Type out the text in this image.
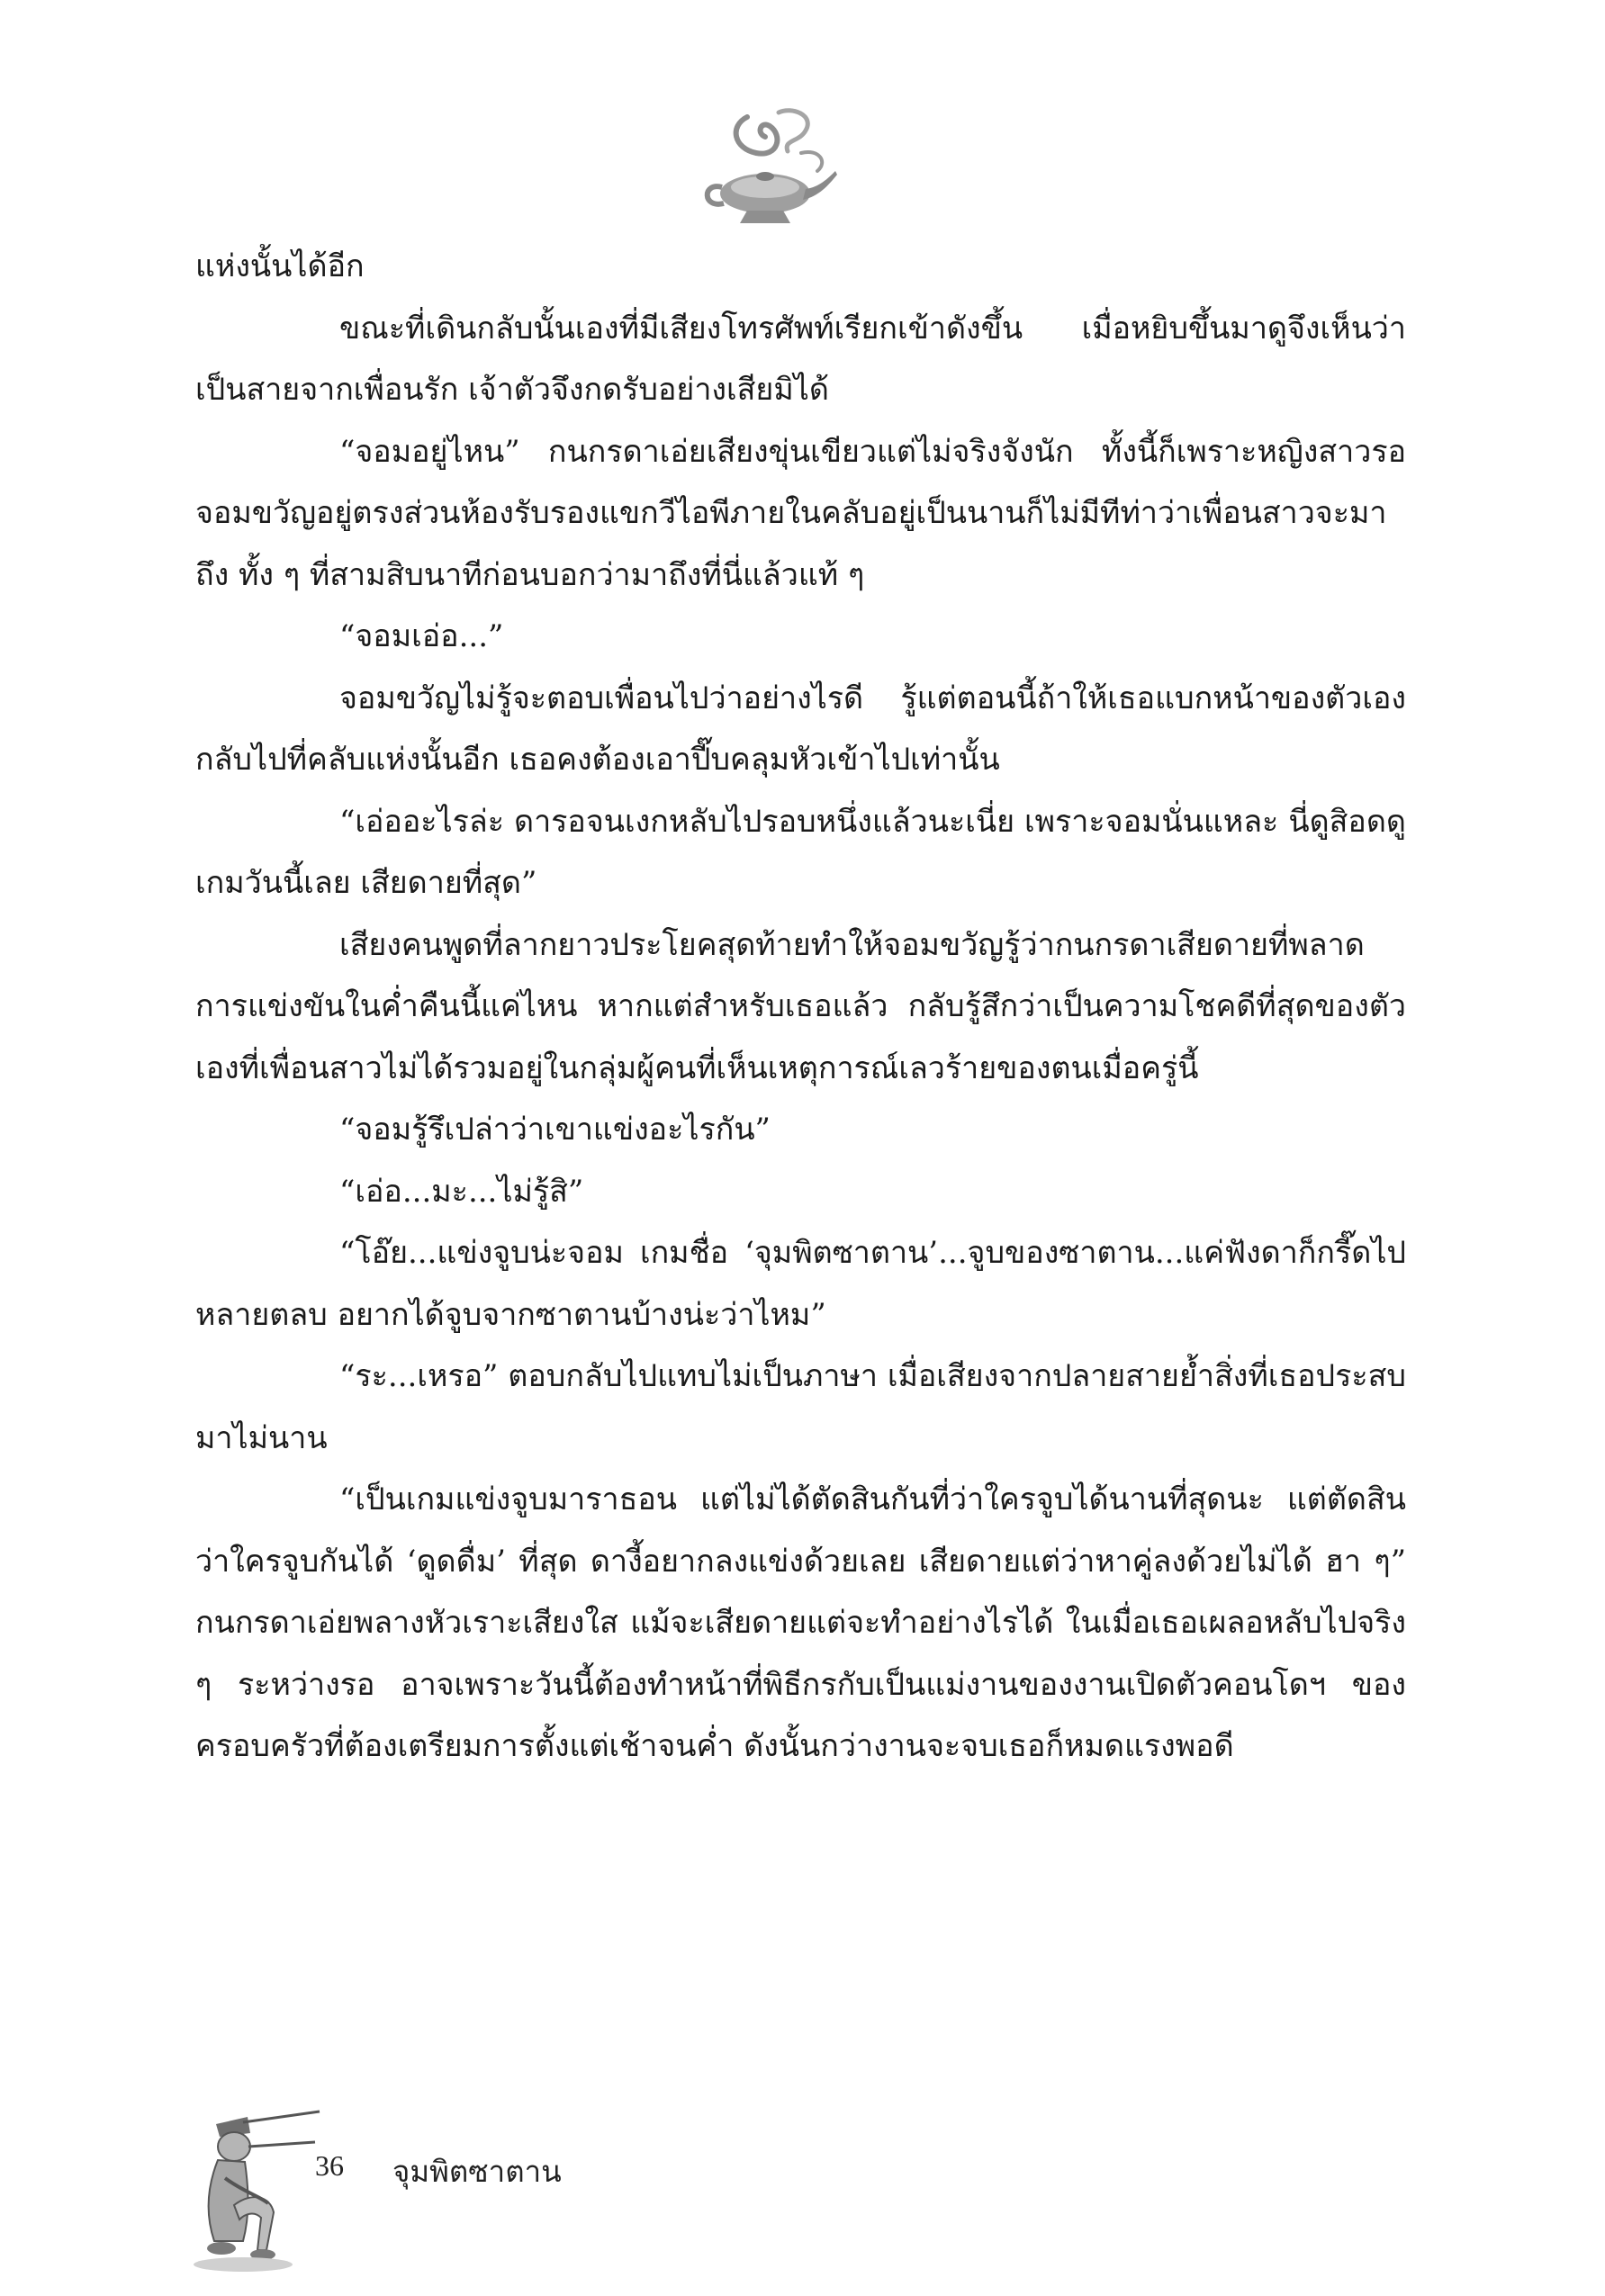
แห่งนั้นได้อีก

ขณะที่เดินกลับนั้นเองที่มีเสียงโทรศัพท์เรียกเข้าดังขึ้น เมื่อหยิบขึ้นมาดูจึงเห็นว่าเป็นสายจากเพื่อนรัก เจ้าตัวจึงกดรับอย่างเสียมิได้

“จอมอยู่ไหน” กนกรดาเอ่ยเสียงขุ่นเขียวแต่ไม่จริงจังนัก ทั้งนี้ก็เพราะหญิงสาวรอจอมขวัญอยู่ตรงส่วนห้องรับรองแขกวีไอพีภายในคลับอยู่เป็นนานก็ไม่มีทีท่าว่าเพื่อนสาวจะมาถึง ทั้ง ๆ ที่สามสิบนาทีก่อนบอกว่ามาถึงที่นี่แล้วแท้ ๆ

“จอมเอ่อ...”

จอมขวัญไม่รู้จะตอบเพื่อนไปว่าอย่างไรดี รู้แต่ตอนนี้ถ้าให้เธอแบกหน้าของตัวเองกลับไปที่คลับแห่งนั้นอีก เธอคงต้องเอาปี๊บคลุมหัวเข้าไปเท่านั้น

“เอ่ออะไรล่ะ ดารอจนเงกหลับไปรอบหนึ่งแล้วนะเนี่ย เพราะจอมนั่นแหละ นี่ดูสิอดดูเกมวันนี้เลย เสียดายที่สุด”

เสียงคนพูดที่ลากยาวประโยคสุดท้ายทำให้จอมขวัญรู้ว่ากนกรดาเสียดายที่พลาดการแข่งขันในค่ำคืนนี้แค่ไหน หากแต่สำหรับเธอแล้ว กลับรู้สึกว่าเป็นความโชคดีที่สุดของตัวเองที่เพื่อนสาวไม่ได้รวมอยู่ในกลุ่มผู้คนที่เห็นเหตุการณ์เลวร้ายของตนเมื่อครู่นี้

“จอมรู้รึเปล่าว่าเขาแข่งอะไรกัน”

“เอ่อ...มะ...ไม่รู้สิ”

“โอ๊ย...แข่งจูบน่ะจอม เกมชื่อ ‘จุมพิตซาตาน’...จูบของซาตาน...แค่ฟังดาก็กรี๊ดไปหลายตลบ อยากได้จูบจากซาตานบ้างน่ะว่าไหม”

“ระ...เหรอ” ตอบกลับไปแทบไม่เป็นภาษา เมื่อเสียงจากปลายสายย้ำสิ่งที่เธอประสบมาไม่นาน

“เป็นเกมแข่งจูบมาราธอน แต่ไม่ได้ตัดสินกันที่ว่าใครจูบได้นานที่สุดนะ แต่ตัดสินว่าใครจูบกันได้ ‘ดูดดื่ม’ ที่สุด ดางี้อยากลงแข่งด้วยเลย เสียดายแต่ว่าหาคู่ลงด้วยไม่ได้ ฮา ๆ” กนกรดาเอ่ยพลางหัวเราะเสียงใส แม้จะเสียดายแต่จะทำอย่างไรได้ ในเมื่อเธอเผลอหลับไปจริง ๆ ระหว่างรอ อาจเพราะวันนี้ต้องทำหน้าที่พิธีกรกับเป็นแม่งานของงานเปิดตัวคอนโดฯ ของครอบครัวที่ต้องเตรียมการตั้งแต่เช้าจนค่ำ ดังนั้นกว่างานจะจบเธอก็หมดแรงพอดี

36 จุมพิตซาตาน
